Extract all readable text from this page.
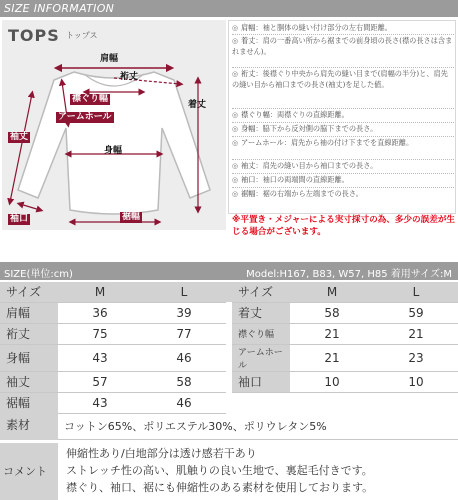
SIZE INFORMATION
TOPS トップス
肩幅
裄丈
襟ぐり幅
着丈
アームホール
袖丈
身幅
裾幅
袖口
◎ 肩幅：袖と胴体の縫い付け部分の左右間距離。
◎ 着丈：肩の一番高い所から裾までの前身頃の長さ(襟の長さは含まれません)。
◎ 裄丈：後襟ぐり中央から肩先の縫い目まで(肩幅の半分)と、肩先の縫い目から袖口までの長さ(袖丈)を足した値。
◎ 襟ぐり幅：両襟ぐりの直線距離。
◎ 身幅：脇下から反対側の脇下までの長さ。
◎ アームホール：肩先から袖の付け下までを直線距離。
◎ 袖丈：肩先の縫い目から袖口までの長さ。
◎ 袖口：袖口の両端間の直線距離。
◎ 裾幅：裾の右端から左端までの長さ。
※平置き・メジャーによる実寸採寸の為、多少の誤差が生じる場合がございます。
SIZE(単位:cm)	Model:H167, B83, W57, H85 着用サイズ:M
サイズ	M	L		サイズ	M	L
肩幅	36	39		着丈	58	59
裄丈	75	77		襟ぐり幅	21	21
身幅	43	46		アームホール	21	23
袖丈	57	58		袖口	10	10
裾幅	43	46				
素材	コットン65%、ポリエステル30%、ポリウレタン5%
コメント
伸縮性あり/白地部分は透け感若干あり
ストレッチ性の高い、肌触りの良い生地で、裏起毛付きです。
襟ぐり、袖口、裾にも伸縮性のある素材を使用しております。
